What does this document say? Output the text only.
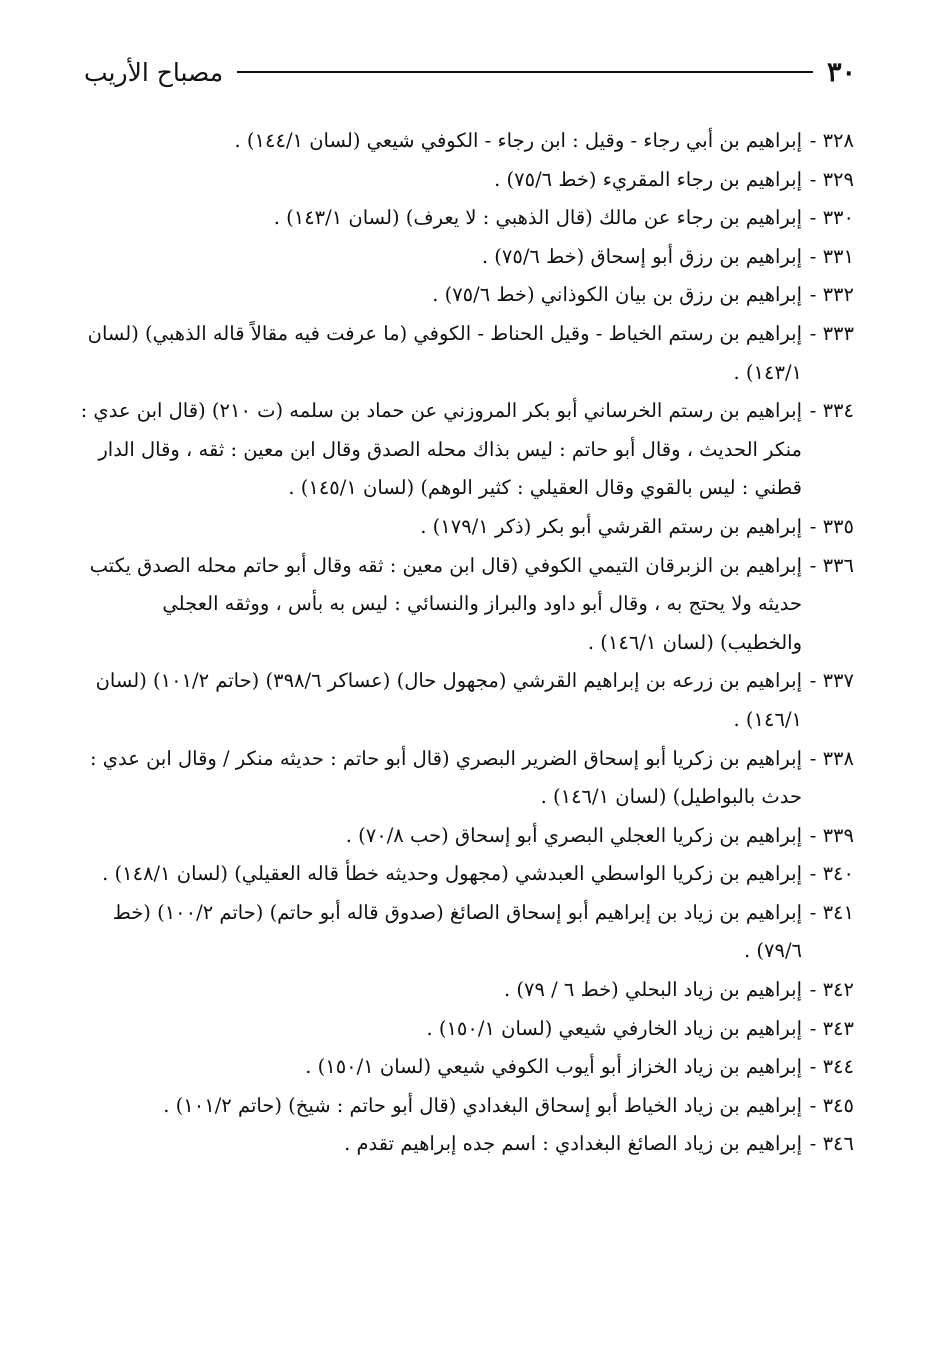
٣٠
مصباح الأريب
٣٢٨ -
إبراهيم بن أبي رجاء - وقيل : ابن رجاء - الكوفي شيعي (لسان ١٤٤/١) .
٣٢٩ -
إبراهيم بن رجاء المقريء (خط ٧٥/٦) .
٣٣٠ -
إبراهيم بن رجاء عن مالك (قال الذهبي : لا يعرف) (لسان ١٤٣/١) .
٣٣١ -
إبراهيم بن رزق أبو إسحاق (خط ٧٥/٦) .
٣٣٢ -
إبراهيم بن رزق بن بيان الكوذاني (خط ٧٥/٦) .
٣٣٣ -
إبراهيم بن رستم الخياط - وقيل الحناط - الكوفي (ما عرفت فيه مقالاً قاله الذهبي) (لسان ١٤٣/١) .
٣٣٤ -
إبراهيم بن رستم الخرساني أبو بكر المروزني عن حماد بن سلمه (ت ٢١٠) (قال ابن عدي : منكر الحديث ، وقال أبو حاتم : ليس بذاك محله الصدق وقال ابن معين : ثقه ، وقال الدار قطني : ليس بالقوي وقال العقيلي : كثير الوهم) (لسان ١٤٥/١) .
٣٣٥ -
إبراهيم بن رستم القرشي أبو بكر (ذكر ١٧٩/١) .
٣٣٦ -
إبراهيم بن الزبرقان التيمي الكوفي (قال ابن معين : ثقه وقال أبو حاتم محله الصدق يكتب حديثه ولا يحتج به ، وقال أبو داود والبراز والنسائي : ليس به بأس ، ووثقه العجلي والخطيب) (لسان ١٤٦/١) .
٣٣٧ -
إبراهيم بن زرعه بن إبراهيم القرشي (مجهول حال) (عساكر ٣٩٨/٦) (حاتم ١٠١/٢) (لسان ١٤٦/١) .
٣٣٨ -
إبراهيم بن زكريا أبو إسحاق الضرير البصري (قال أبو حاتم : حديثه منكر / وقال ابن عدي : حدث بالبواطيل) (لسان ١٤٦/١) .
٣٣٩ -
إبراهيم بن زكريا العجلي البصري أبو إسحاق (حب ٧٠/٨) .
٣٤٠ -
إبراهيم بن زكريا الواسطي العبدشي (مجهول وحديثه خطأ قاله العقيلي) (لسان ١٤٨/١) .
٣٤١ -
إبراهيم بن زياد بن إبراهيم أبو إسحاق الصائغ (صدوق قاله أبو حاتم) (حاتم ١٠٠/٢) (خط ٧٩/٦) .
٣٤٢ -
إبراهيم بن زياد البحلي (خط ٦ / ٧٩) .
٣٤٣ -
إبراهيم بن زياد الخارفي شيعي (لسان ١٥٠/١) .
٣٤٤ -
إبراهيم بن زياد الخزاز أبو أيوب الكوفي شيعي (لسان ١٥٠/١) .
٣٤٥ -
إبراهيم بن زياد الخياط أبو إسحاق البغدادي (قال أبو حاتم : شيخ) (حاتم ١٠١/٢) .
٣٤٦ -
إبراهيم بن زياد الصائغ البغدادي : اسم جده إبراهيم تقدم .
